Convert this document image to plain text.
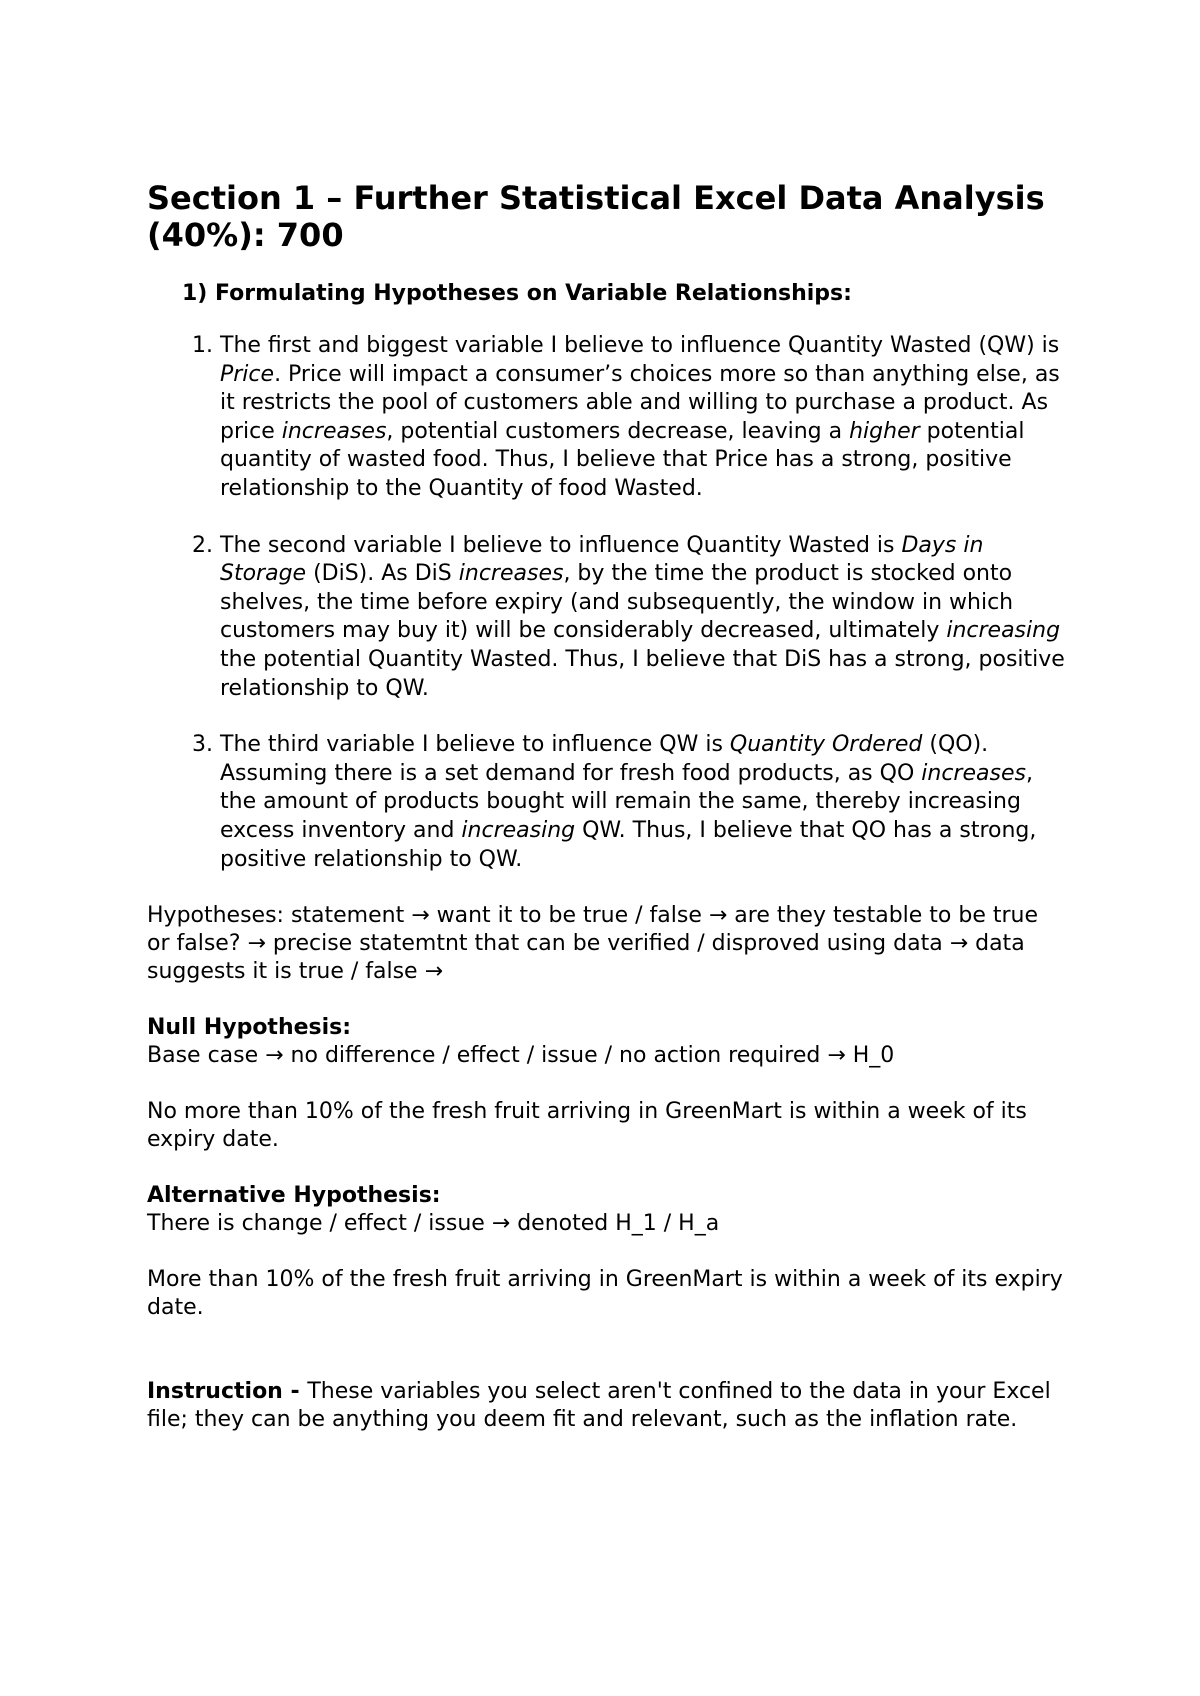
Section 1 – Further Statistical Excel Data Analysis (40%): 700
1) Formulating Hypotheses on Variable Relationships:
1. The first and biggest variable I believe to influence Quantity Wasted (QW) is Price. Price will impact a consumer’s choices more so than anything else, as it restricts the pool of customers able and willing to purchase a product. As price increases, potential customers decrease, leaving a higher potential quantity of wasted food. Thus, I believe that Price has a strong, positive relationship to the Quantity of food Wasted.
2. The second variable I believe to influence Quantity Wasted is Days in Storage (DiS). As DiS increases, by the time the product is stocked onto shelves, the time before expiry (and subsequently, the window in which customers may buy it) will be considerably decreased, ultimately increasing the potential Quantity Wasted. Thus, I believe that DiS has a strong, positive relationship to QW.
3. The third variable I believe to influence QW is Quantity Ordered (QO). Assuming there is a set demand for fresh food products, as QO increases, the amount of products bought will remain the same, thereby increasing excess inventory and increasing QW. Thus, I believe that QO has a strong, positive relationship to QW.

Hypotheses: statement → want it to be true / false → are they testable to be true or false? → precise statemtnt that can be verified / disproved using data → data suggests it is true / false →

Null Hypothesis:

Base case → no difference / effect / issue / no action required → H_0

No more than 10% of the fresh fruit arriving in GreenMart is within a week of its expiry date.

Alternative Hypothesis:

There is change / effect / issue → denoted H_1 / H_a

More than 10% of the fresh fruit arriving in GreenMart is within a week of its expiry date.

Instruction - These variables you select aren't confined to the data in your Excel file; they can be anything you deem fit and relevant, such as the inflation rate.
